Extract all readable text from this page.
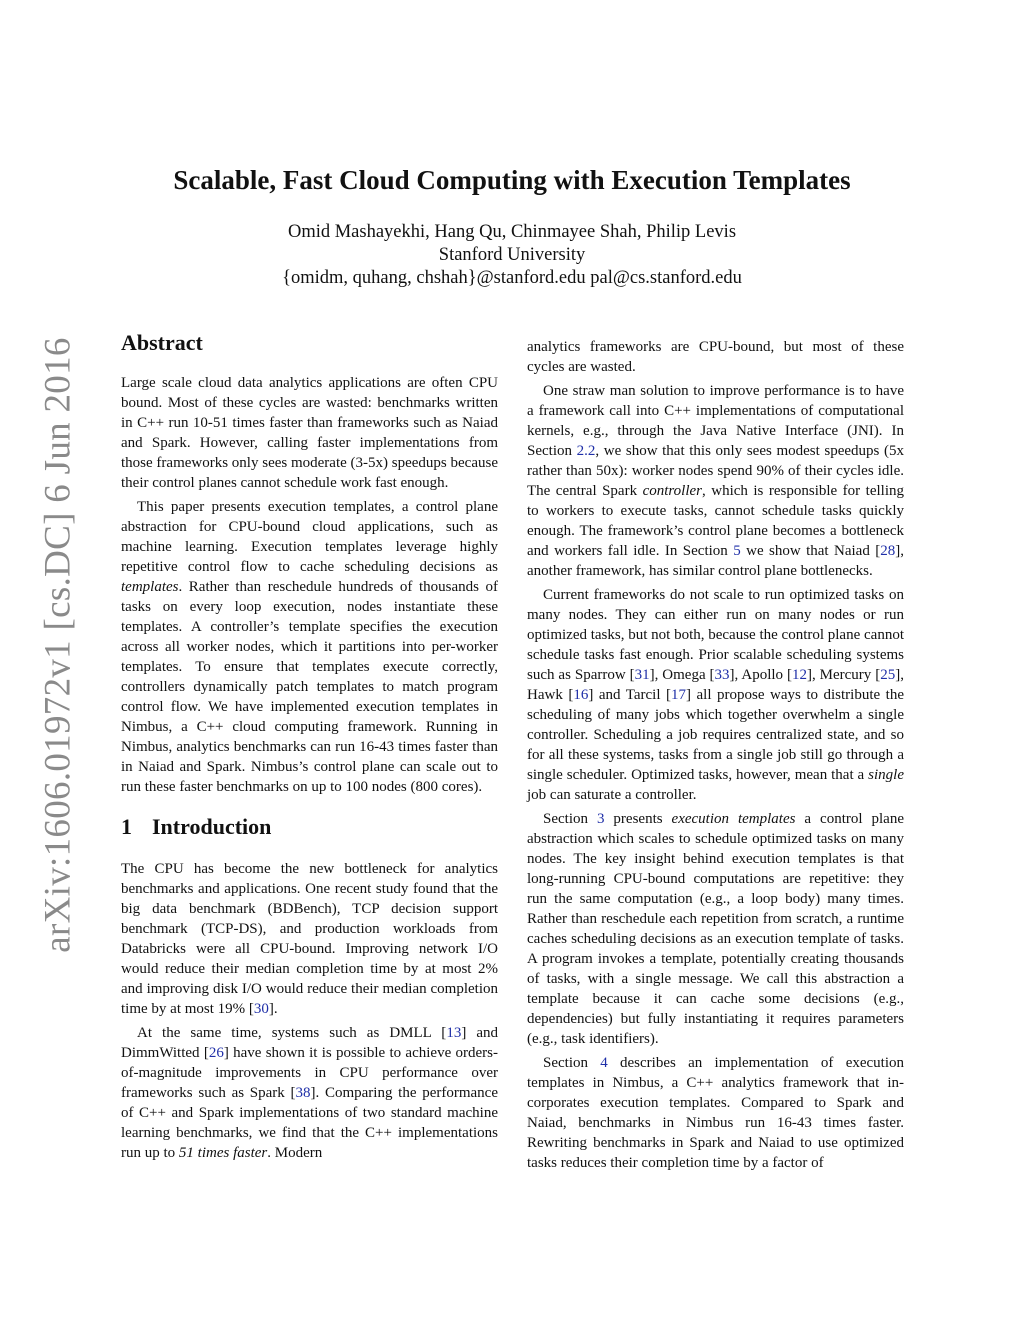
arXiv:1606.01972v1 [cs.DC] 6 Jun 2016
Scalable, Fast Cloud Computing with Execution Templates
Omid Mashayekhi, Hang Qu, Chinmayee Shah, Philip Levis
Stanford University
{omidm, quhang, chshah}@stanford.edu pal@cs.stanford.edu
Abstract

Large scale cloud data analytics applications are often CPU bound. Most of these cycles are wasted: benchmarks written in C++ run 10-51 times faster than frameworks such as Naiad and Spark. However, calling faster implementations from those frameworks only sees moderate (3-5x) speedups because their control planes cannot schedule work fast enough.

This paper presents execution templates, a control plane abstraction for CPU-bound cloud applications, such as machine learning. Execution templates leverage highly repetitive control flow to cache scheduling decisions as templates. Rather than reschedule hundreds of thousands of tasks on every loop execution, nodes instantiate these templates. A controller’s template specifies the execution across all worker nodes, which it partitions into per-worker templates. To ensure that templates execute correctly, controllers dynamically patch templates to match program control flow. We have implemented execution templates in Nimbus, a C++ cloud computing framework. Running in Nimbus, analytics benchmarks can run 16-43 times faster than in Naiad and Spark. Nimbus’s control plane can scale out to run these faster benchmarks on up to 100 nodes (800 cores).

1 Introduction

The CPU has become the new bottleneck for analytics benchmarks and applications. One recent study found that the big data benchmark (BDBench), TCP decision support benchmark (TCP-DS), and production workloads from Databricks were all CPU-bound. Improving network I/O would reduce their median completion time by at most 2% and improving disk I/O would reduce their median completion time by at most 19% [30].

At the same time, systems such as DMLL [13] and DimmWitted [26] have shown it is possible to achieve orders-of-magnitude improvements in CPU performance over frameworks such as Spark [38]. Comparing the performance of C++ and Spark implementations of two standard machine learning benchmarks, we find that the C++ implementations run up to 51 times faster. Modern

analytics frameworks are CPU-bound, but most of these cycles are wasted.

One straw man solution to improve performance is to have a framework call into C++ implementations of computational kernels, e.g., through the Java Native Interface (JNI). In Section 2.2, we show that this only sees modest speedups (5x rather than 50x): worker nodes spend 90% of their cycles idle. The central Spark controller, which is responsible for telling to workers to execute tasks, cannot schedule tasks quickly enough. The framework’s control plane becomes a bottleneck and workers fall idle. In Section 5 we show that Naiad [28], another framework, has similar control plane bottlenecks.

Current frameworks do not scale to run optimized tasks on many nodes. They can either run on many nodes or run optimized tasks, but not both, because the control plane cannot schedule tasks fast enough. Prior scalable scheduling systems such as Sparrow [31], Omega [33], Apollo [12], Mercury [25], Hawk [16] and Tarcil [17] all propose ways to distribute the scheduling of many jobs which together overwhelm a single controller. Scheduling a job requires centralized state, and so for all these systems, tasks from a single job still go through a single scheduler. Optimized tasks, however, mean that a single job can saturate a controller.

Section 3 presents execution templates a control plane abstraction which scales to schedule optimized tasks on many nodes. The key insight behind execution templates is that long-running CPU-bound computations are repetitive: they run the same computation (e.g., a loop body) many times. Rather than reschedule each repetition from scratch, a runtime caches scheduling decisions as an execution template of tasks. A program invokes a template, potentially creating thousands of tasks, with a single message. We call this abstraction a template because it can cache some decisions (e.g., dependencies) but fully instantiating it requires parameters (e.g., task identifiers).

Section 4 describes an implementation of execution templates in Nimbus, a C++ analytics framework that incorporates execution templates. Compared to Spark and Naiad, benchmarks in Nimbus run 16-43 times faster. Rewriting benchmarks in Spark and Naiad to use optimized tasks reduces their completion time by a factor of
